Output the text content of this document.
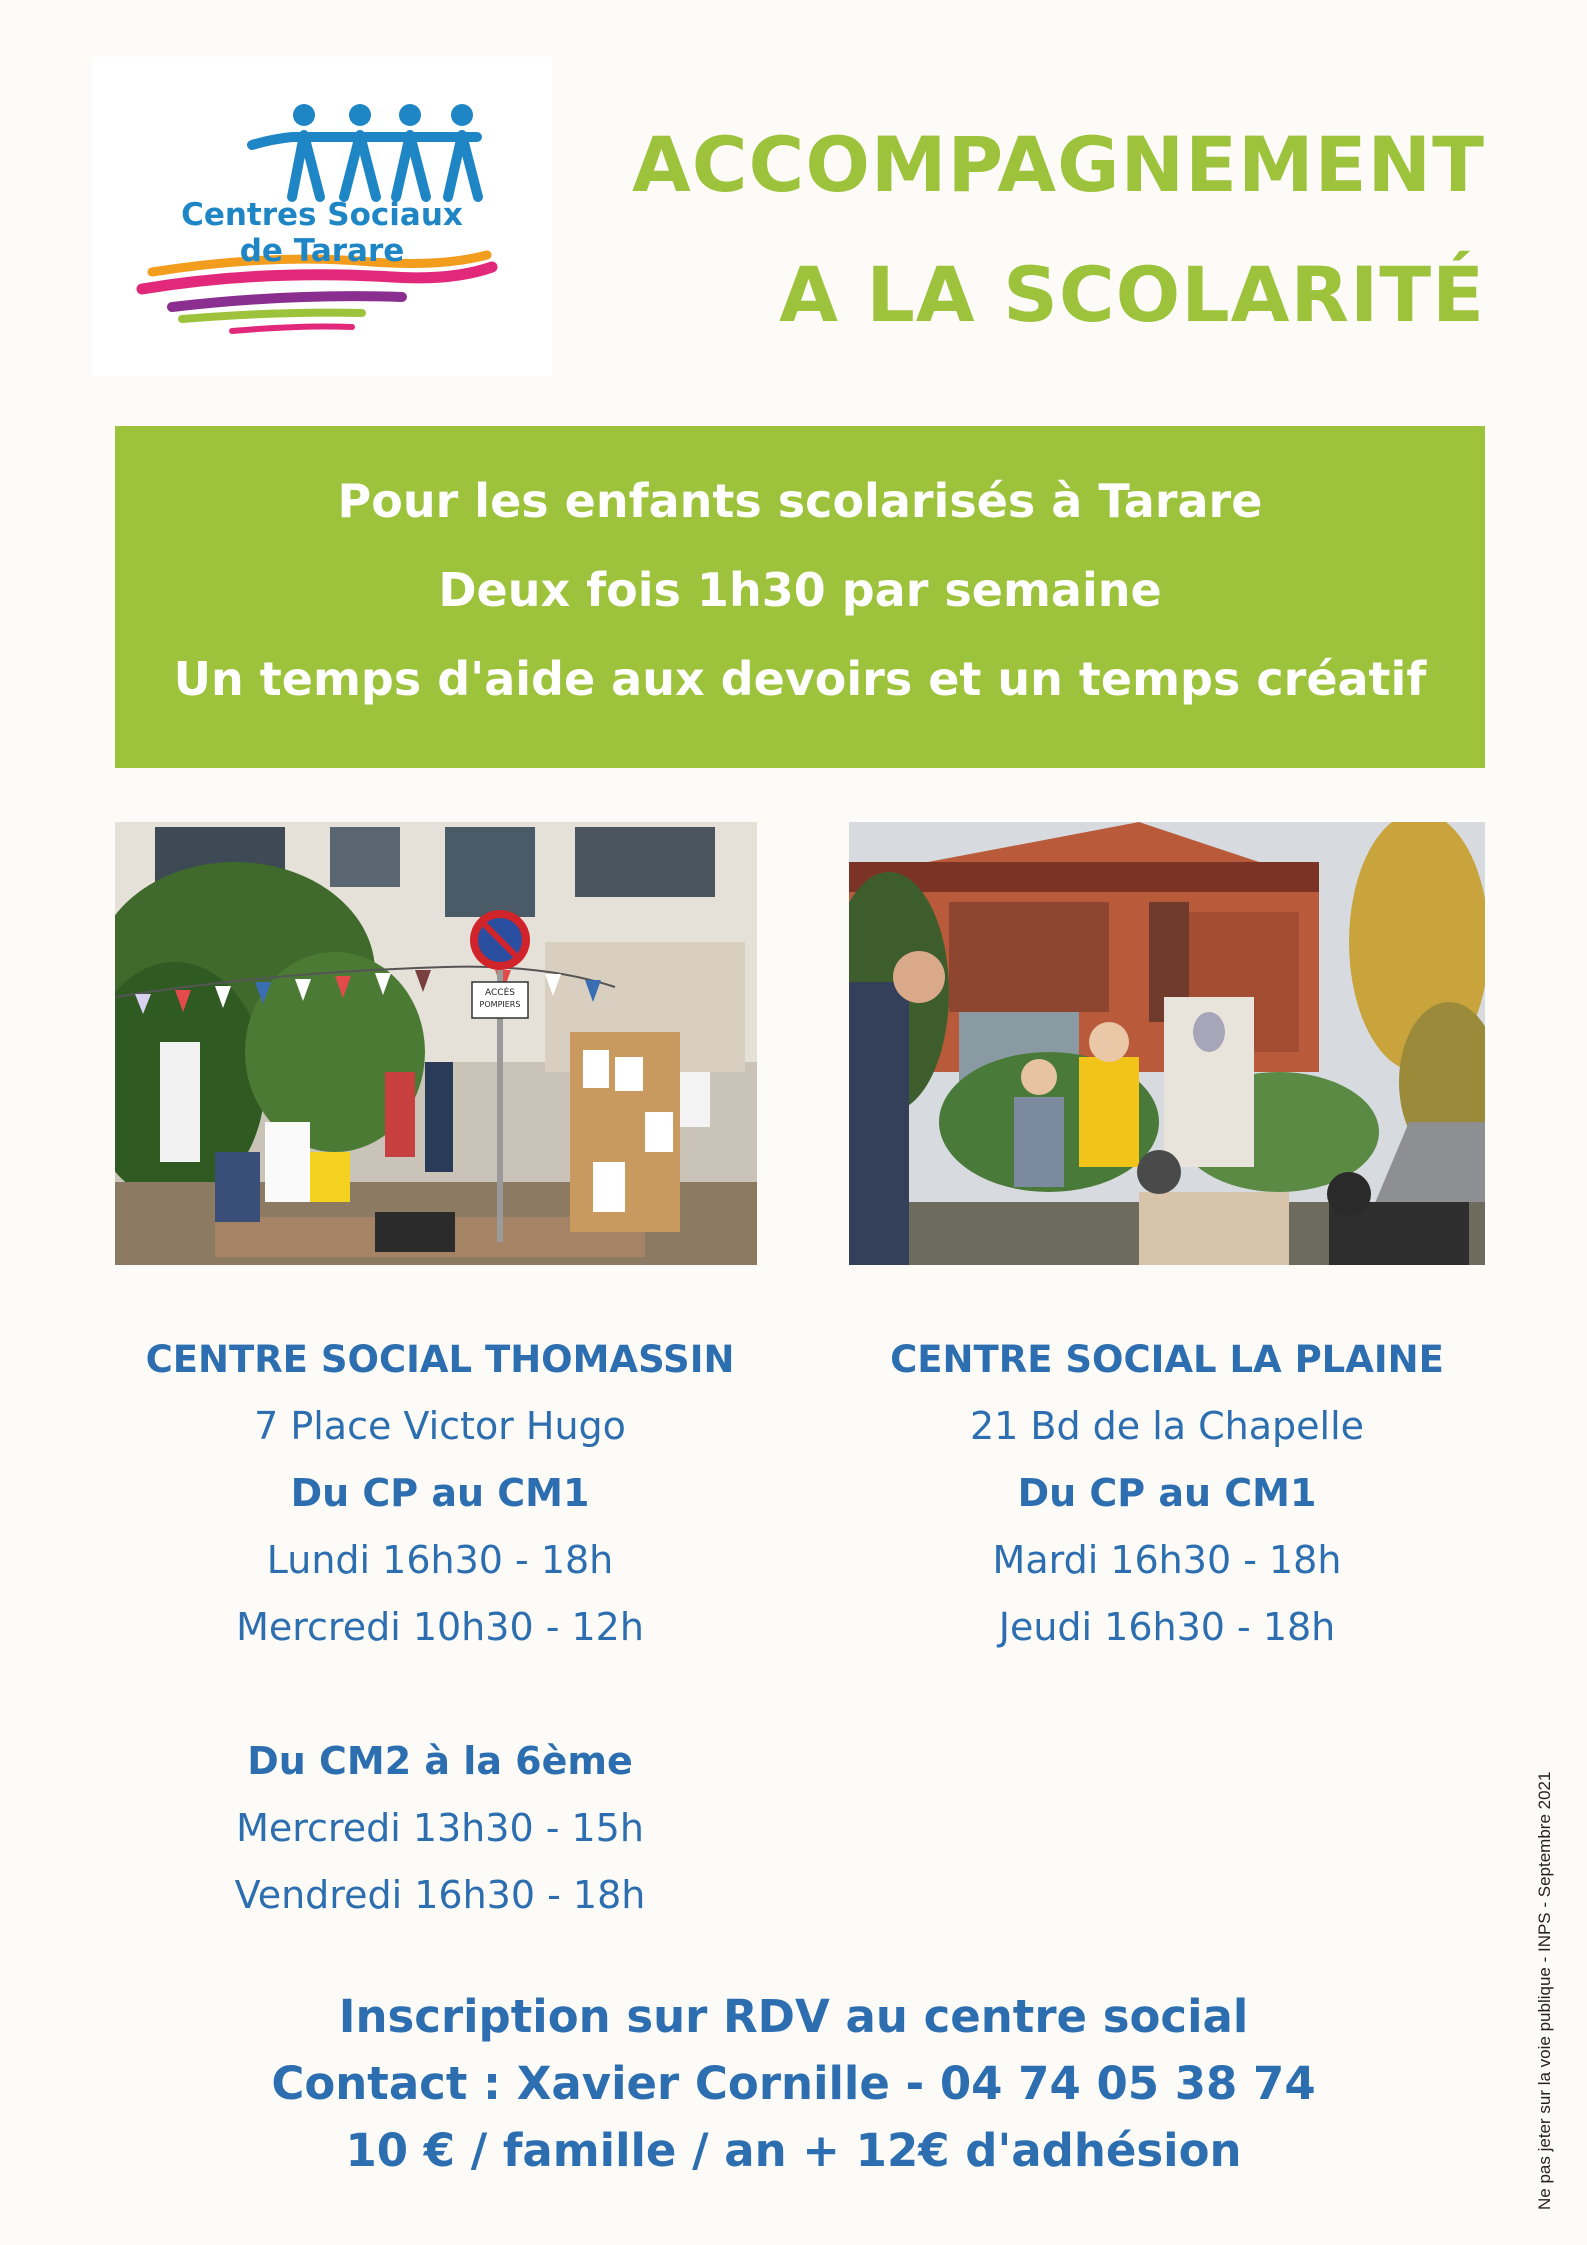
Centres Sociaux
de Tarare
ACCOMPAGNEMENT
A LA SCOLARITÉ
Pour les enfants scolarisés à Tarare
Deux fois 1h30 par semaine
Un temps d'aide aux devoirs et un temps créatif
ACCÈS
POMPIERS
CENTRE SOCIAL THOMASSIN
7 Place Victor Hugo
Du CP au CM1
Lundi 16h30 - 18h
Mercredi 10h30 - 12h
Du CM2 à la 6ème
Mercredi 13h30 - 15h
Vendredi 16h30 - 18h
CENTRE SOCIAL LA PLAINE
21 Bd de la Chapelle
Du CP au CM1
Mardi 16h30 - 18h
Jeudi 16h30 - 18h
Inscription sur RDV au centre social
Contact : Xavier Cornille - 04 74 05 38 74
10 € / famille / an + 12€ d'adhésion	Ne pas jeter sur la voie publique - INPS - Septembre 2021
